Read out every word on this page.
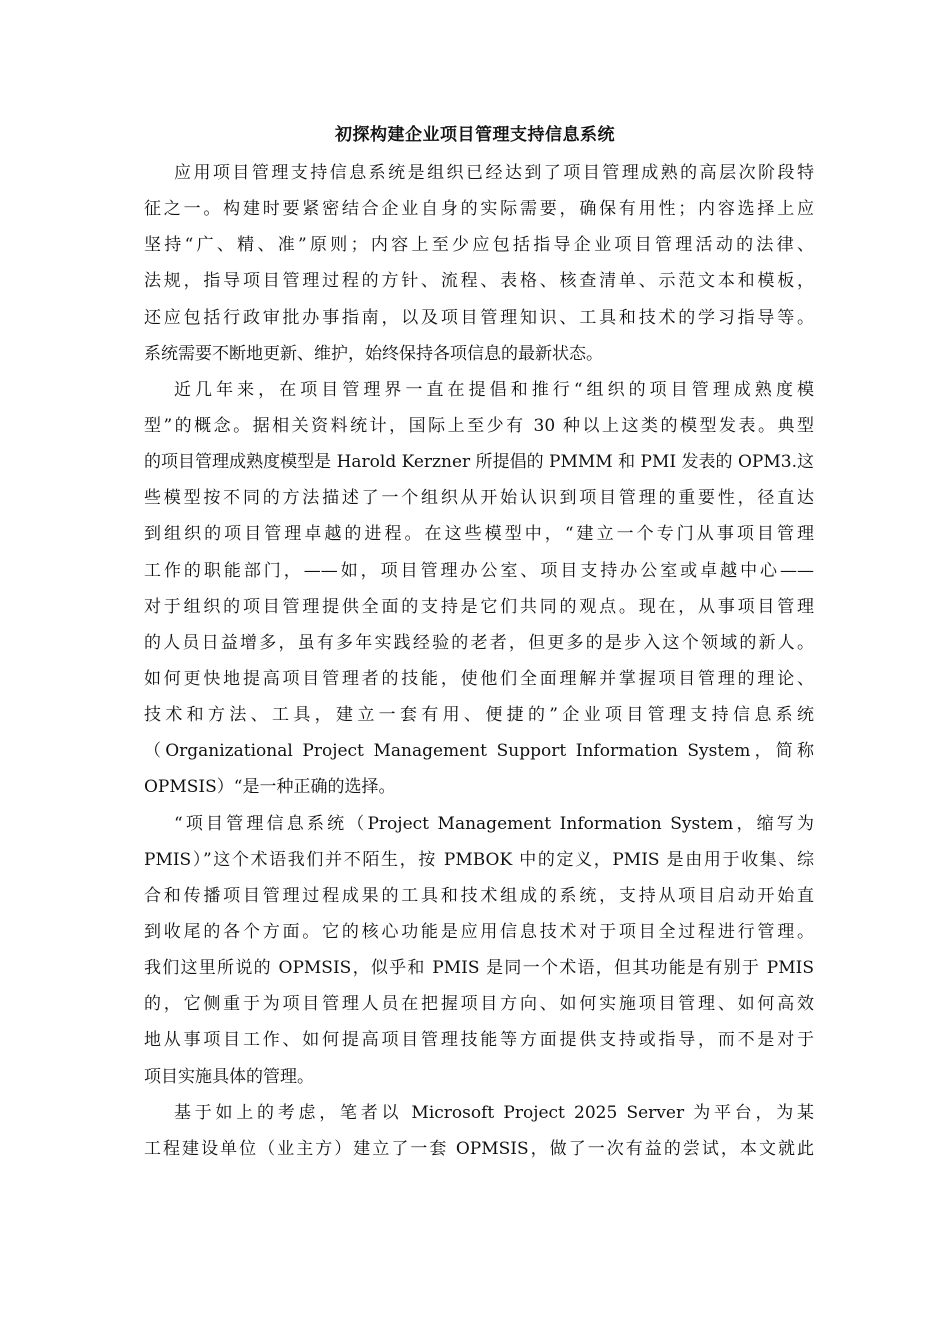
初探构建企业项目管理支持信息系统
应用项目管理支持信息系统是组织已经达到了项目管理成熟的高层次阶段特
征之一。构建时要紧密结合企业自身的实际需要，确保有用性；内容选择上应
坚持“广、精、准”原则；内容上至少应包括指导企业项目管理活动的法律、
法规，指导项目管理过程的方针、流程、表格、核查清单、示范文本和模板，
还应包括行政审批办事指南，以及项目管理知识、工具和技术的学习指导等。
系统需要不断地更新、维护，始终保持各项信息的最新状态。
近几年来，在项目管理界一直在提倡和推行“组织的项目管理成熟度模
型”的概念。据相关资料统计，国际上至少有 30 种以上这类的模型发表。典型
的项目管理成熟度模型是 Harold Kerzner 所提倡的 PMMM 和 PMI 发表的 OPM3.这
些模型按不同的方法描述了一个组织从开始认识到项目管理的重要性，径直达
到组织的项目管理卓越的进程。在这些模型中，“建立一个专门从事项目管理
工作的职能部门，——如，项目管理办公室、项目支持办公室或卓越中心——
对于组织的项目管理提供全面的支持是它们共同的观点。现在，从事项目管理
的人员日益增多，虽有多年实践经验的老者，但更多的是步入这个领域的新人。
如何更快地提高项目管理者的技能，使他们全面理解并掌握项目管理的理论、
技术和方法、工具，建立一套有用、便捷的”企业项目管理支持信息系统
（Organizational Project Management Support Information System，简称
OPMSIS）“是一种正确的选择。
“项目管理信息系统（Project Management Information System，缩写为
PMIS）”这个术语我们并不陌生，按 PMBOK 中的定义，PMIS 是由用于收集、综
合和传播项目管理过程成果的工具和技术组成的系统，支持从项目启动开始直
到收尾的各个方面。它的核心功能是应用信息技术对于项目全过程进行管理。
我们这里所说的 OPMSIS，似乎和 PMIS 是同一个术语，但其功能是有别于 PMIS
的，它侧重于为项目管理人员在把握项目方向、如何实施项目管理、如何高效
地从事项目工作、如何提高项目管理技能等方面提供支持或指导，而不是对于
项目实施具体的管理。
基于如上的考虑，笔者以 Microsoft Project 2025 Server 为平台，为某
工程建设单位（业主方）建立了一套 OPMSIS，做了一次有益的尝试，本文就此
